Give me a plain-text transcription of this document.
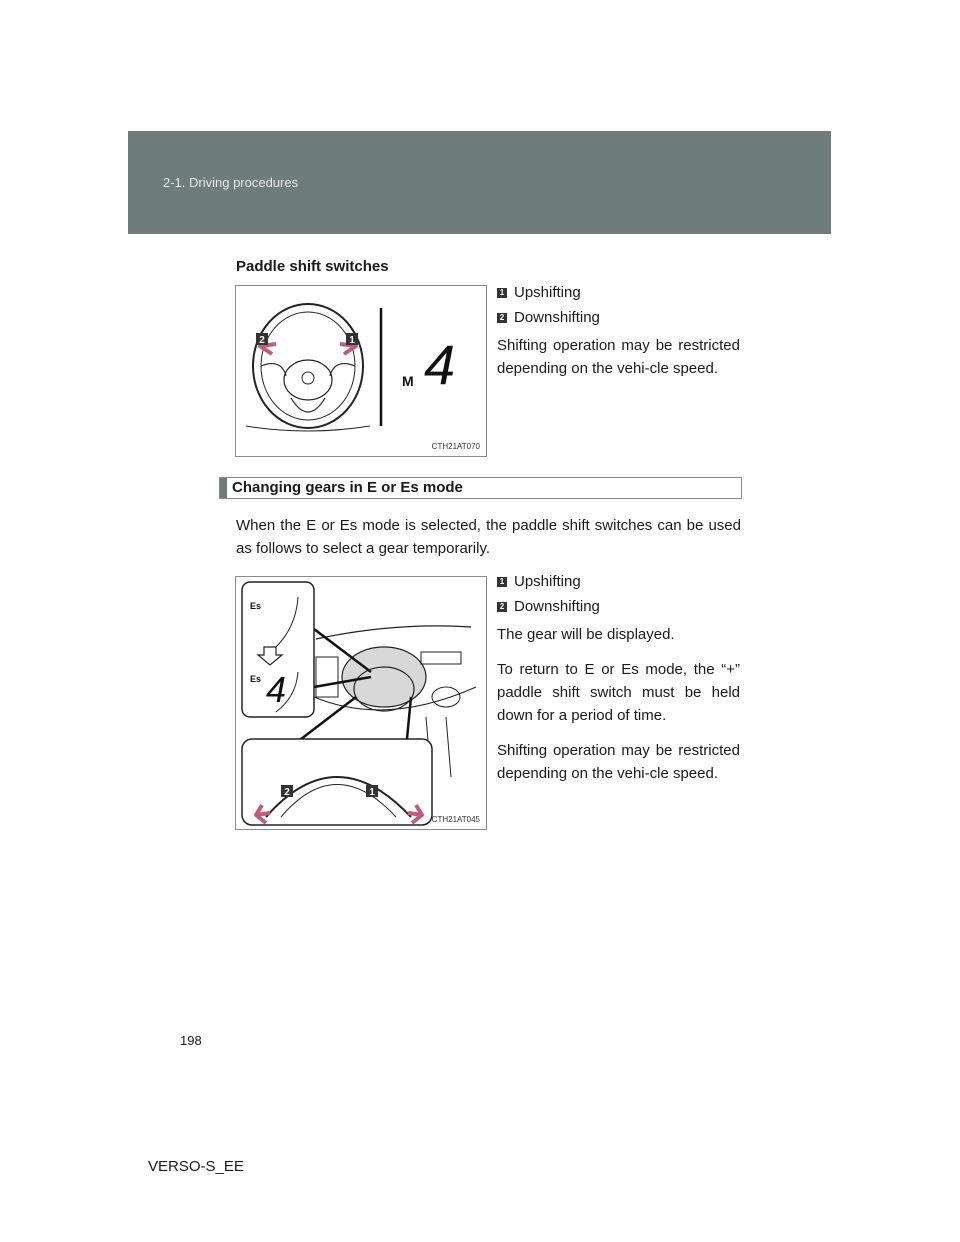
2-1. Driving procedures
Paddle shift switches
2	1
M 4
CTH21AT070
1 Upshifting
2 Downshifting
Shifting operation may be restricted depending on the vehi-cle speed.
Changing gears in E or Es mode
When the E or Es mode is selected, the paddle shift switches can be used as follows to select a gear temporarily.
Es
Es 4
2	1
CTH21AT045
1 Upshifting
2 Downshifting
The gear will be displayed.
To return to E or Es mode, the “+” paddle shift switch must be held down for a period of time.
Shifting operation may be restricted depending on the vehi-cle speed.
198
VERSO-S_EE
